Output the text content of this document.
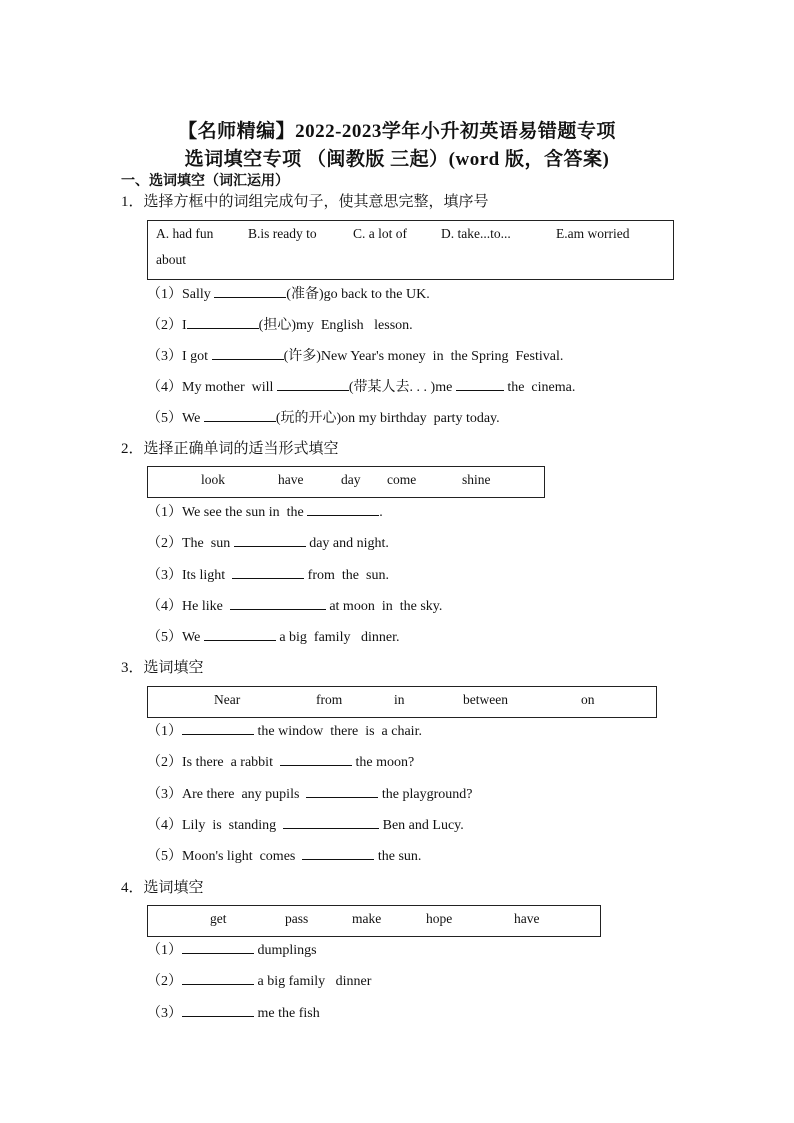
【名师精编】2022-2023学年小升初英语易错题专项
选词填空专项 （闽教版 三起）(word 版，含答案)
一、选词填空（词汇运用）
1．选择方框中的词组完成句子，使其意思完整，填序号
A. had fun	B.is ready to	C. a lot of	D. take...to...	E.am worried
about
（1）Sally	(准备)go back to the UK.
（2）I	(担心)my  English   lesson.
（3）I got	(许多)New Year's money  in  the Spring  Festival.
（4）My mother  will	(带某人去. . . )me	the  cinema.
（5）We	(玩的开心)on my birthday  party today.
2．选择正确单词的适当形式填空
look	have	day come	shine
（1）We see the sun in  the	.
（2）The  sun	day and night.
（3）Its light	from  the  sun.
（4）He like	at moon  in  the sky.
（5）We	a big  family   dinner.
3．选词填空
Near	from	in	between	on
（1）	the window  there  is  a chair.
（2）Is there  a rabbit	the moon?
（3）Are there  any pupils	the playground?
（4）Lily  is  standing	Ben and Lucy.
（5）Moon's light  comes	the sun.
4．选词填空
get	pass	make	hope	have
（1）	dumplings
（2）	a big family   dinner
（3）	me the fish
